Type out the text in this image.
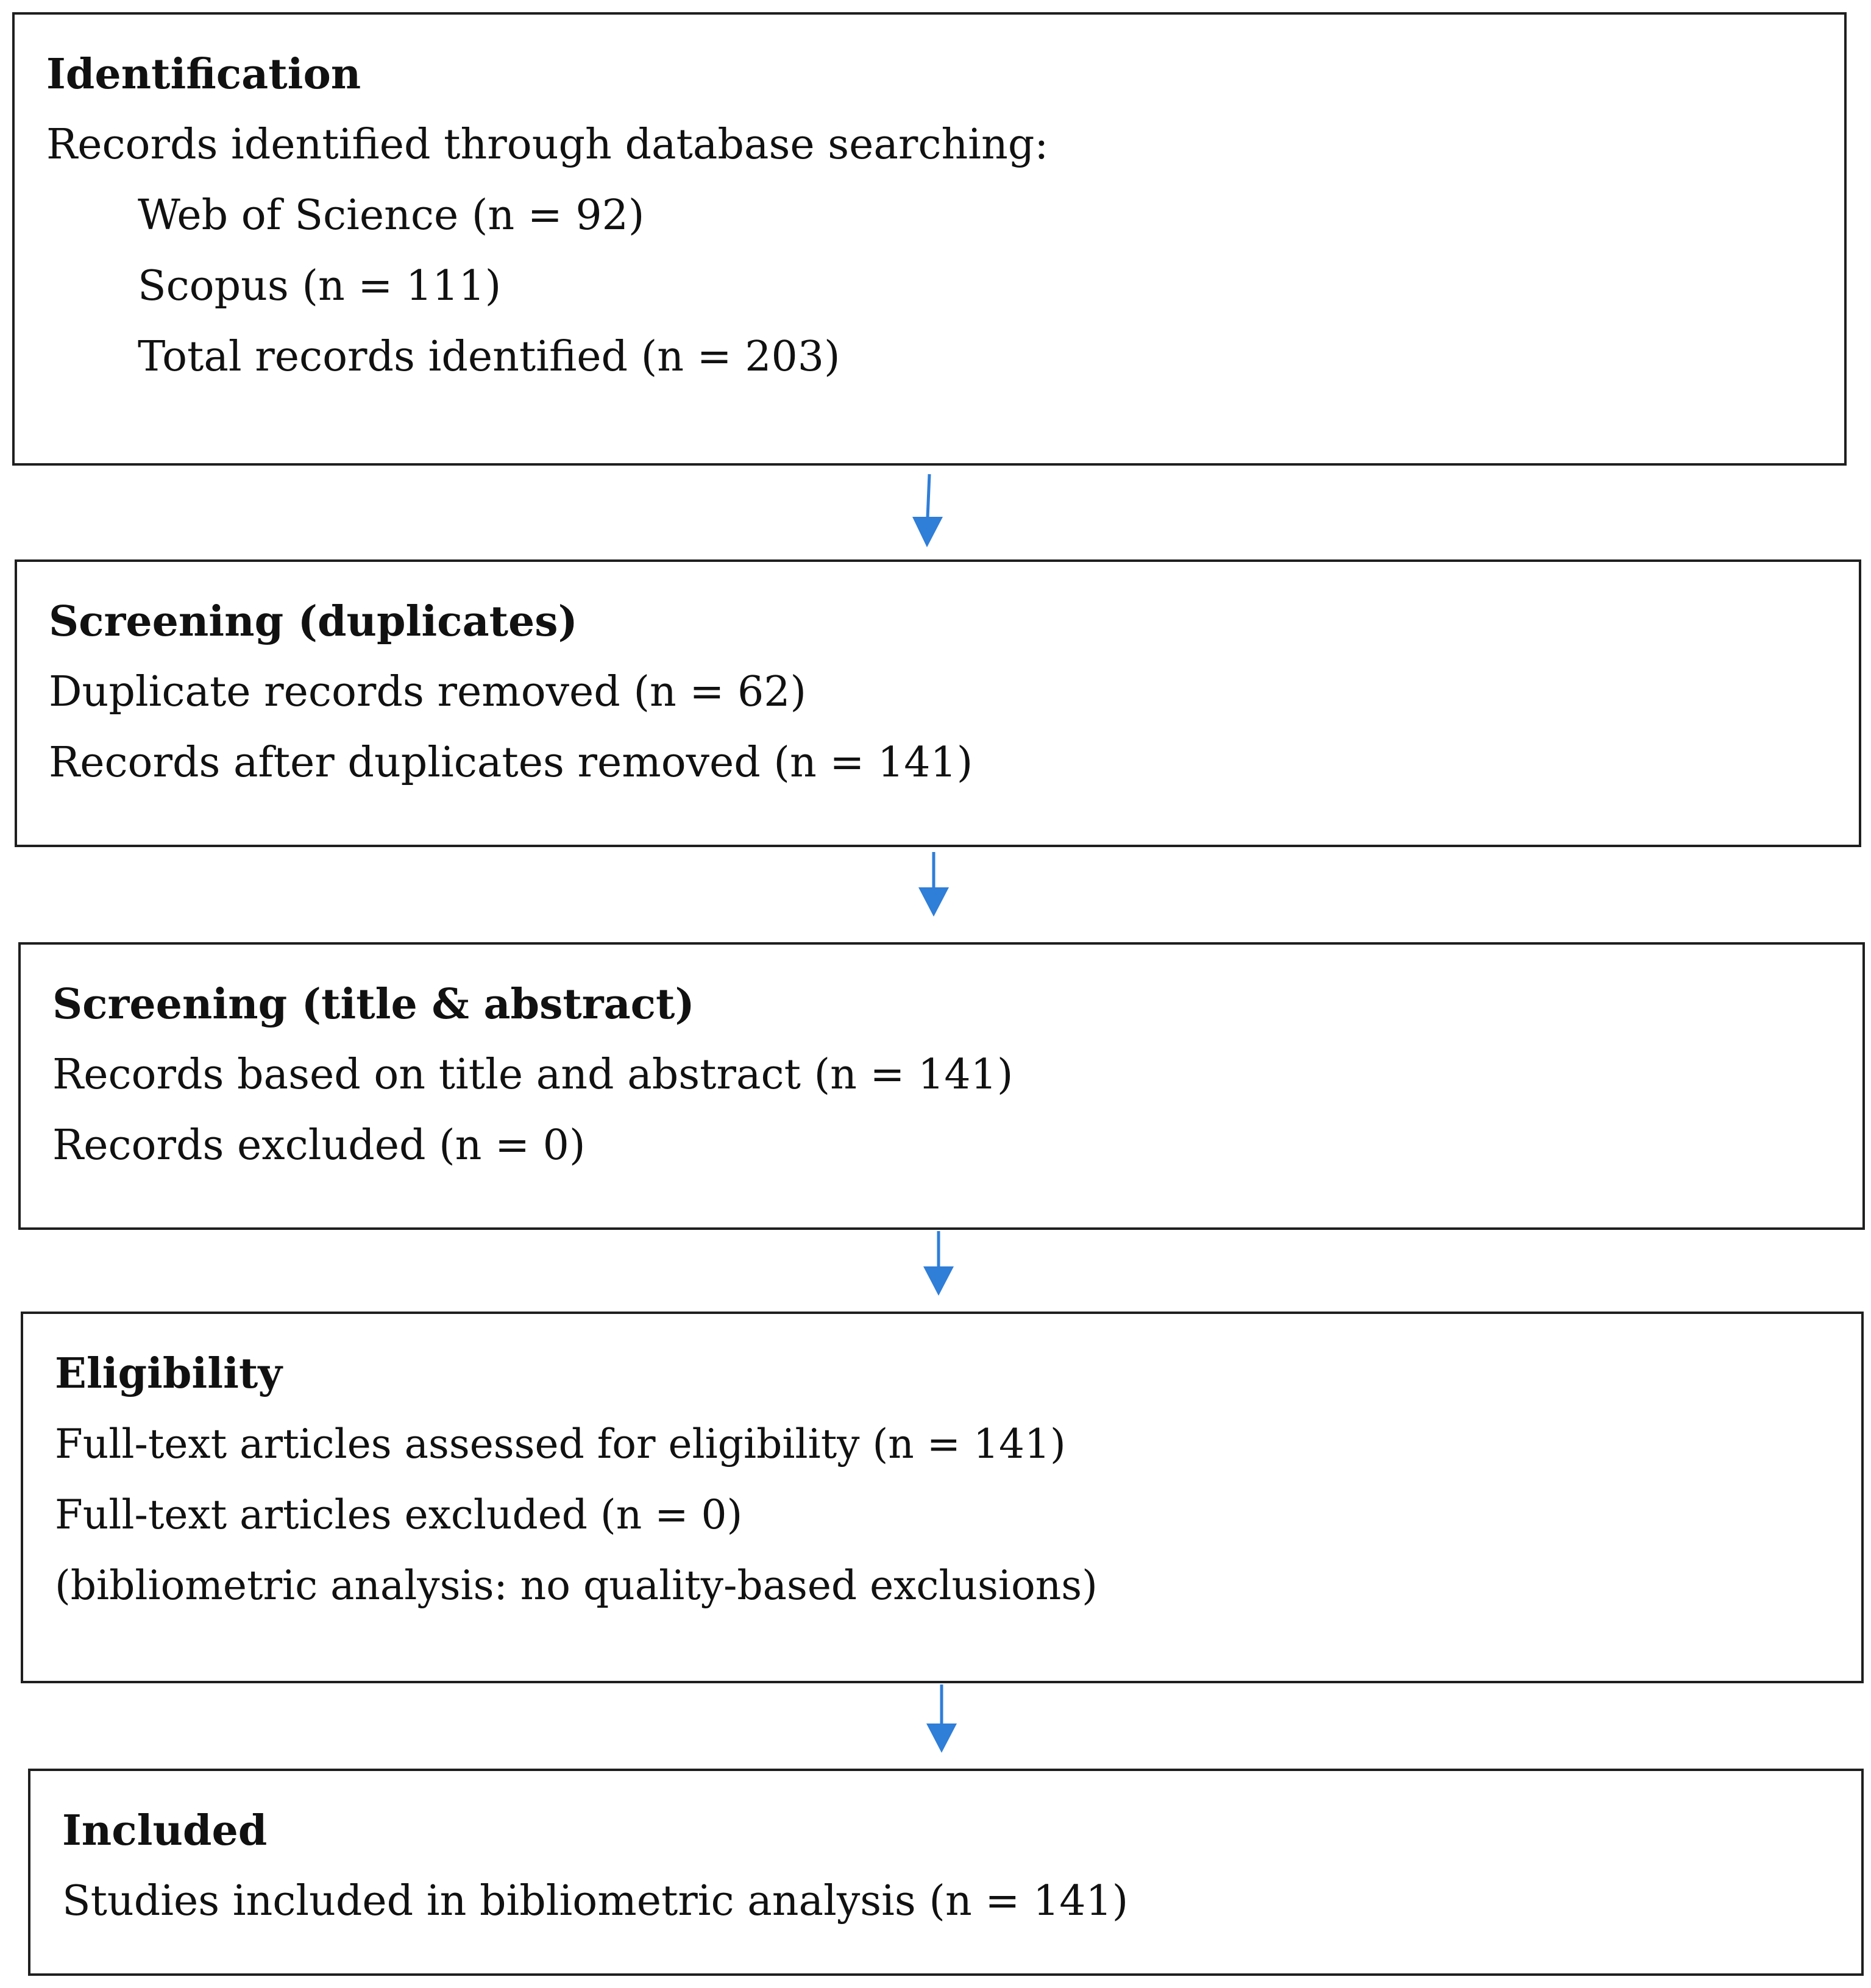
Identification

Records identified through database searching:

Web of Science (n = 92)

Scopus (n = 111)

Total records identified (n = 203)

Screening (duplicates)

Duplicate records removed (n = 62)

Records after duplicates removed (n = 141)

Screening (title & abstract)

Records based on title and abstract (n = 141)

Records excluded (n = 0)

Eligibility

Full-text articles assessed for eligibility (n = 141)

Full-text articles excluded (n = 0)

(bibliometric analysis: no quality-based exclusions)

Included

Studies included in bibliometric analysis (n = 141)
